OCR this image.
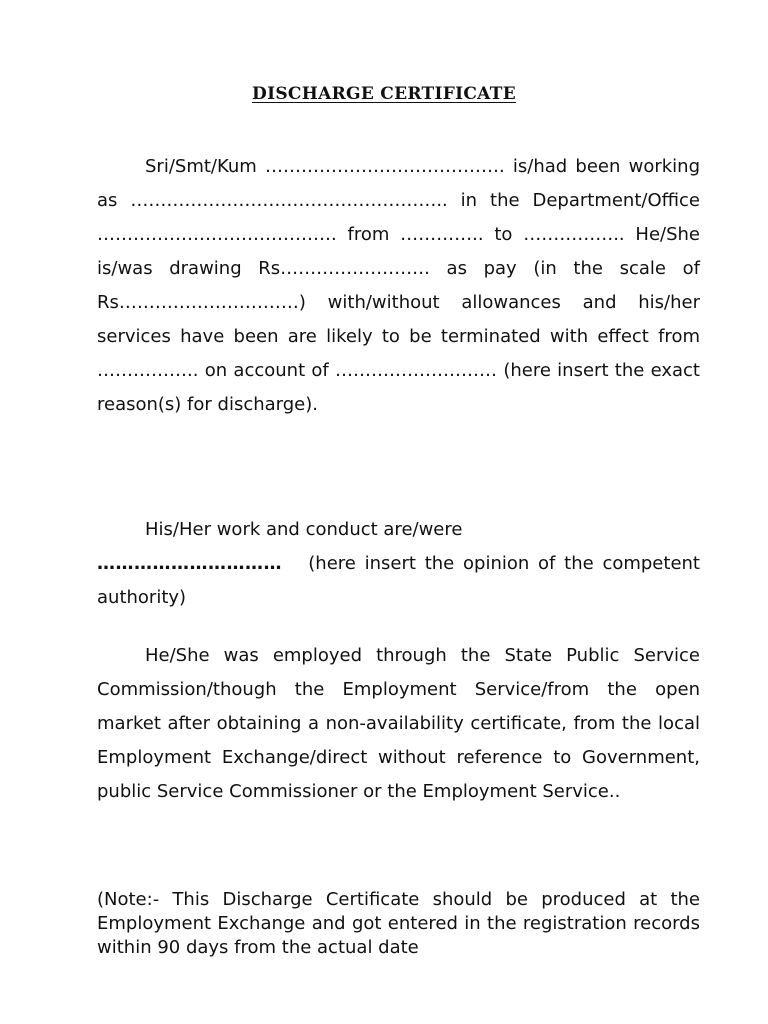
DISCHARGE CERTIFICATE

Sri/Smt/Kum …………………………………. is/had been working as …………………………………………….. in the Department/Office …………………………………. from ………….. to …………….. He/She is/was drawing Rs……………………. as pay (in the scale of Rs…………………………) with/without allowances and his/her services have been are likely to be terminated with effect from …………….. on account of ……………………… (here insert the exact reason(s) for discharge).

His/Her work and conduct are/were
………………………… (here insert the opinion of the competent authority)

He/She was employed through the State Public Service Commission/though the Employment Service/from the open market after obtaining a non-availability certificate, from the local Employment Exchange/direct without reference to Government, public Service Commissioner or the Employment Service..

(Note:- This Discharge Certificate should be produced at the Employment Exchange and got entered in the registration records within 90 days from the actual date
